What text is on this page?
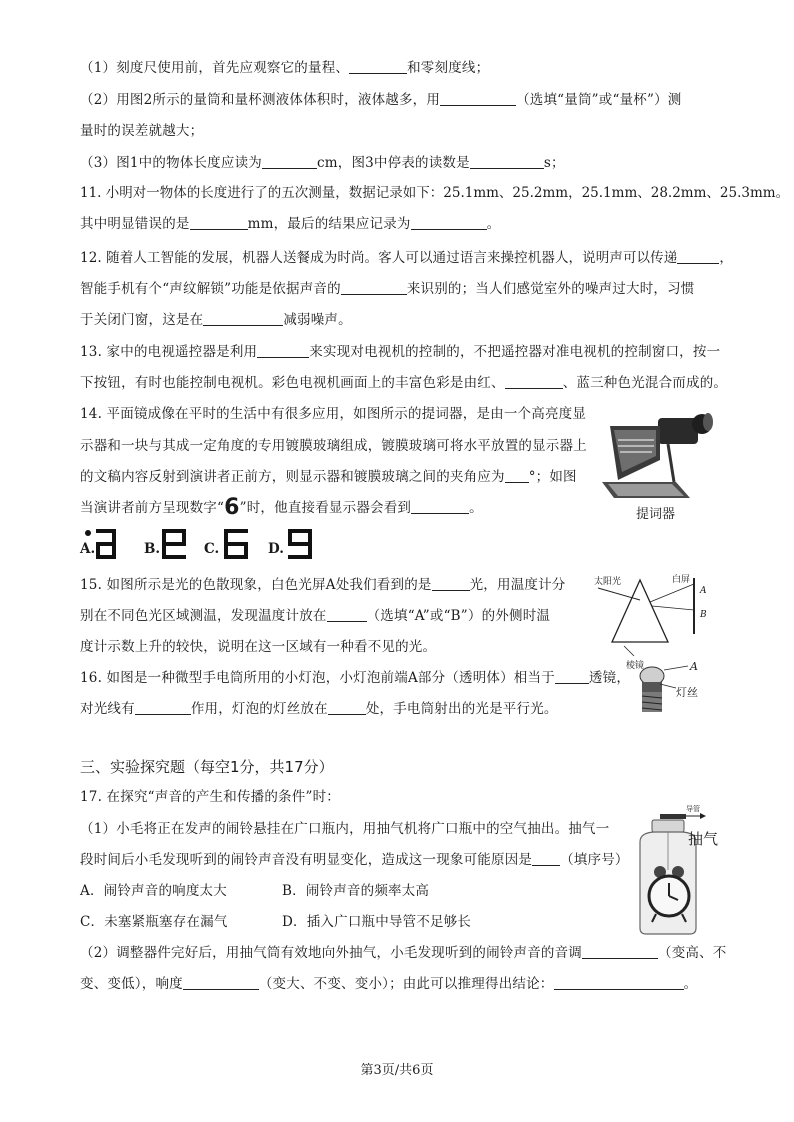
（1）刻度尺使用前，首先应观察它的量程、	和零刻度线；
（2）用图2所示的量筒和量杯测液体体积时，液体越多，用	（选填“量筒”或“量杯”）测
量时的误差就越大；
（3）图1中的物体长度应读为	cm，图3中停表的读数是	s；
11. 小明对一物体的长度进行了的五次测量，数据记录如下：25.1mm、25.2mm，25.1mm、28.2mm、25.3mm。
其中明显错误的是	mm，最后的结果应记录为	。
12. 随着人工智能的发展，机器人送餐成为时尚。客人可以通过语言来操控机器人，说明声可以传递	，
智能手机有个“声纹解锁”功能是依据声音的	来识别的；当人们感觉室外的噪声过大时，习惯
于关闭门窗，这是在	减弱噪声。
13. 家中的电视遥控器是利用	来实现对电视机的控制的，不把遥控器对准电视机的控制窗口，按一
下按钮，有时也能控制电视机。彩色电视机画面上的丰富色彩是由红、	、蓝三种色光混合而成的。
14. 平面镜成像在平时的生活中有很多应用，如图所示的提词器，是由一个高亮度显
示器和一块与其成一定角度的专用镀膜玻璃组成，镀膜玻璃可将水平放置的显示器上
的文稿内容反射到演讲者正前方，则显示器和镀膜玻璃之间的夹角应为 °；如图
当演讲者前方呈现数字“6”时，他直接看显示器会看到	。	提词器
A.	B.	C.	D.
15. 如图所示是光的色散现象，白色光屏A处我们看到的是	光，用温度计分
别在不同色光区域测温，发现温度计放在	（选填“A”或“B”）的外侧时温
度计示数上升的较快，说明在这一区域有一种看不见的光。
太阳光	白屏
A
B
棱镜
16. 如图是一种微型手电筒所用的小灯泡，小灯泡前端A部分（透明体）相当于	透镜，
对光线有	作用，灯泡的灯丝放在	处，手电筒射出的光是平行光。
A
灯丝
三、实验探究题（每空1分，共17分）
17. 在探究“声音的产生和传播的条件”时：
（1）小毛将正在发声的闹铃悬挂在广口瓶内，用抽气机将广口瓶中的空气抽出。抽气一
段时间后小毛发现听到的闹铃声音没有明显变化，造成这一现象可能原因是 （填序号）
A．闹铃声音的响度太大	B．闹铃声音的频率太高
C．未塞紧瓶塞存在漏气	D．插入广口瓶中导管不足够长
（2）调整器件完好后，用抽气筒有效地向外抽气，小毛发现听到的闹铃声音的音调	（变高、不
变、变低），响度	（变大、不变、变小）；由此可以推理得出结论：	。
导管
抽气
第3页/共6页
